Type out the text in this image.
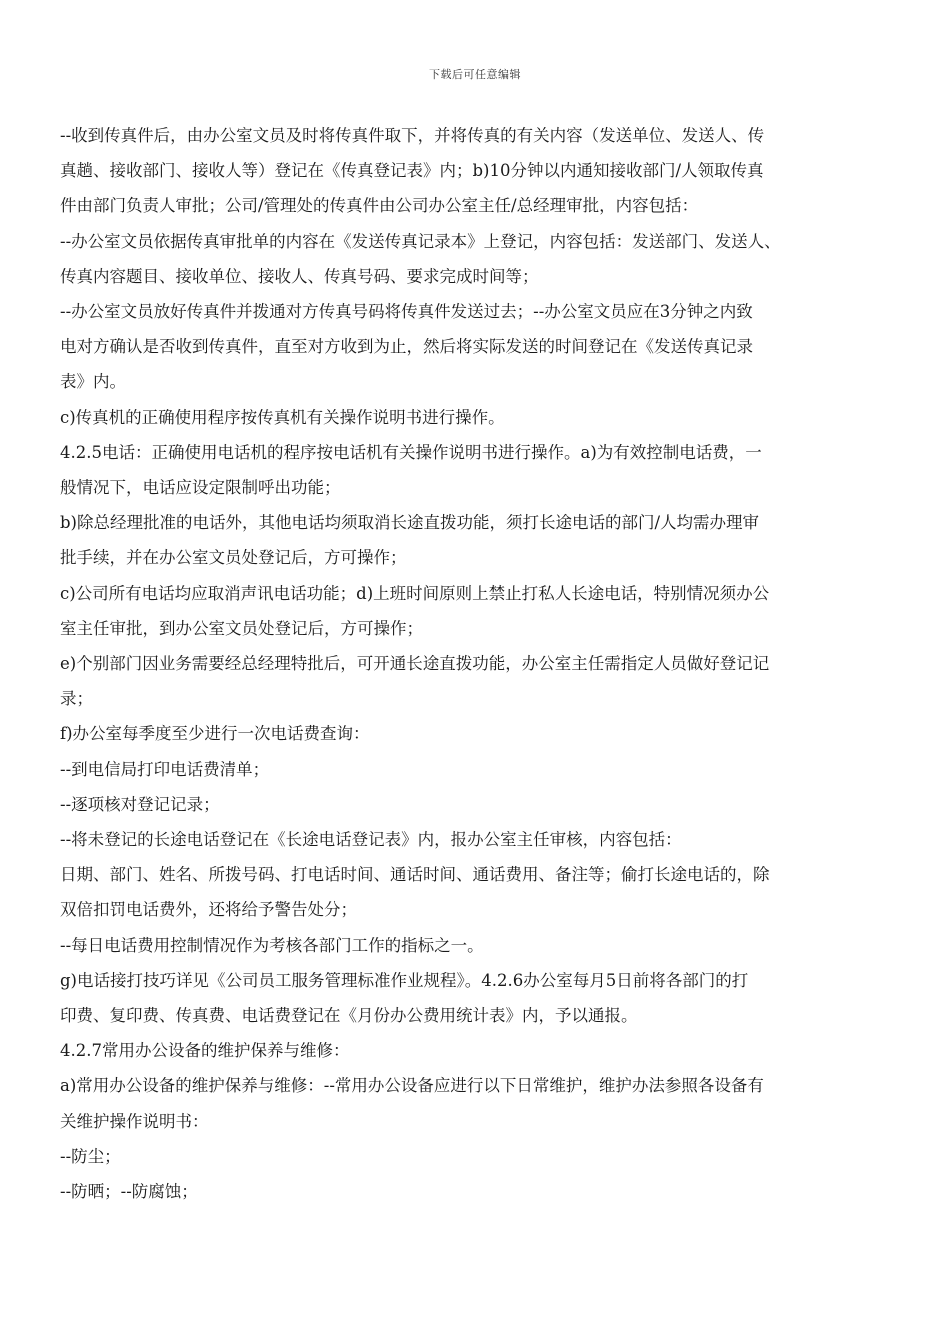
下载后可任意编辑
--收到传真件后，由办公室文员及时将传真件取下，并将传真的有关内容（发送单位、发送人、传
真趟、接收部门、接收人等）登记在《传真登记表》内；b)10分钟以内通知接收部门/人领取传真
件由部门负责人审批；公司/管理处的传真件由公司办公室主任/总经理审批，内容包括：
--办公室文员依据传真审批单的内容在《发送传真记录本》上登记，内容包括：发送部门、发送人、
传真内容题目、接收单位、接收人、传真号码、要求完成时间等；
--办公室文员放好传真件并拨通对方传真号码将传真件发送过去；--办公室文员应在3分钟之内致
电对方确认是否收到传真件，直至对方收到为止，然后将实际发送的时间登记在《发送传真记录
表》内。
c)传真机的正确使用程序按传真机有关操作说明书进行操作。
4.2.5电话：正确使用电话机的程序按电话机有关操作说明书进行操作。a)为有效控制电话费，一
般情况下，电话应设定限制呼出功能；
b)除总经理批准的电话外，其他电话均须取消长途直拨功能，须打长途电话的部门/人均需办理审
批手续，并在办公室文员处登记后，方可操作；
c)公司所有电话均应取消声讯电话功能；d)上班时间原则上禁止打私人长途电话，特别情况须办公
室主任审批，到办公室文员处登记后，方可操作；
e)个别部门因业务需要经总经理特批后，可开通长途直拨功能，办公室主任需指定人员做好登记记
录；
f)办公室每季度至少进行一次电话费查询：
--到电信局打印电话费清单；
--逐项核对登记记录；
--将未登记的长途电话登记在《长途电话登记表》内，报办公室主任审核，内容包括：
日期、部门、姓名、所拨号码、打电话时间、通话时间、通话费用、备注等；偷打长途电话的，除
双倍扣罚电话费外，还将给予警告处分；
--每日电话费用控制情况作为考核各部门工作的指标之一。
g)电话接打技巧详见《公司员工服务管理标准作业规程》。4.2.6办公室每月5日前将各部门的打
印费、复印费、传真费、电话费登记在《月份办公费用统计表》内，予以通报。
4.2.7常用办公设备的维护保养与维修：
a)常用办公设备的维护保养与维修：--常用办公设备应进行以下日常维护，维护办法参照各设备有
关维护操作说明书：
--防尘；
--防晒；--防腐蚀；
